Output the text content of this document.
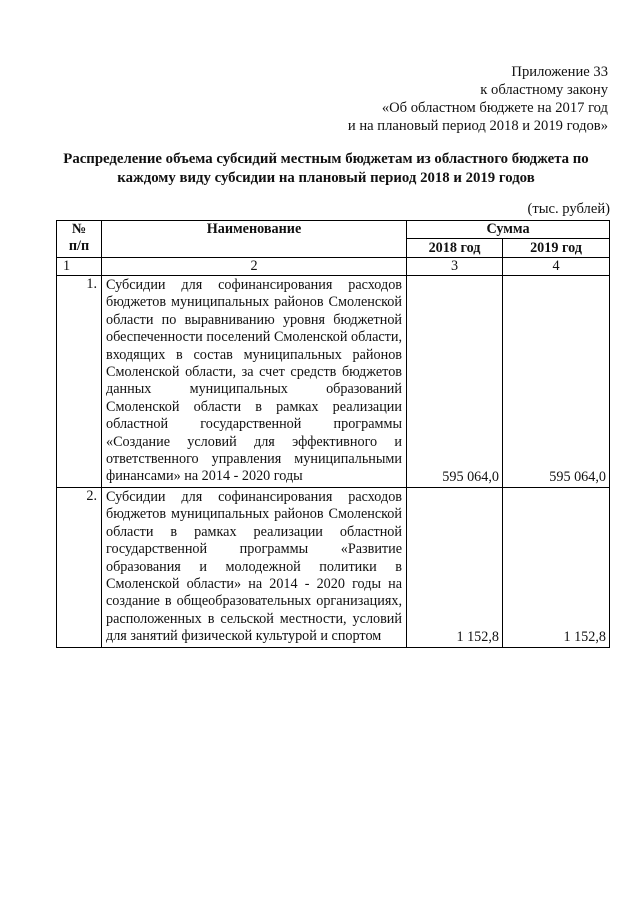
Приложение 33
к областному закону
«Об областном бюджете на 2017 год
и на плановый период 2018 и 2019 годов»
Распределение объема субсидий местным бюджетам из областного бюджета по
каждому виду субсидии на плановый период 2018 и 2019 годов
(тыс. рублей)
№
п/п	Наименование	Сумма	
		2018 год	2019 год
1	2	3	4
1.	Субсидии для софинансирования расходов бюджетов муниципальных районов Смоленской области по выравниванию уровня бюджетной обеспеченности поселений Смоленской области, входящих в состав муниципальных районов Смоленской области, за счет средств бюджетов данных муниципальных образований Смоленской области в рамках реализации областной государственной программы «Создание условий для эффективного и ответственного управления муниципальными финансами» на 2014 - 2020 годы	595 064,0	595 064,0
2.	Субсидии для софинансирования расходов бюджетов муниципальных районов Смоленской области в рамках реализации областной государственной программы «Развитие образования и молодежной политики в Смоленской области» на 2014 - 2020 годы на создание в общеобразовательных организациях, расположенных в сельской местности, условий для занятий физической культурой и спортом	1 152,8	1 152,8
